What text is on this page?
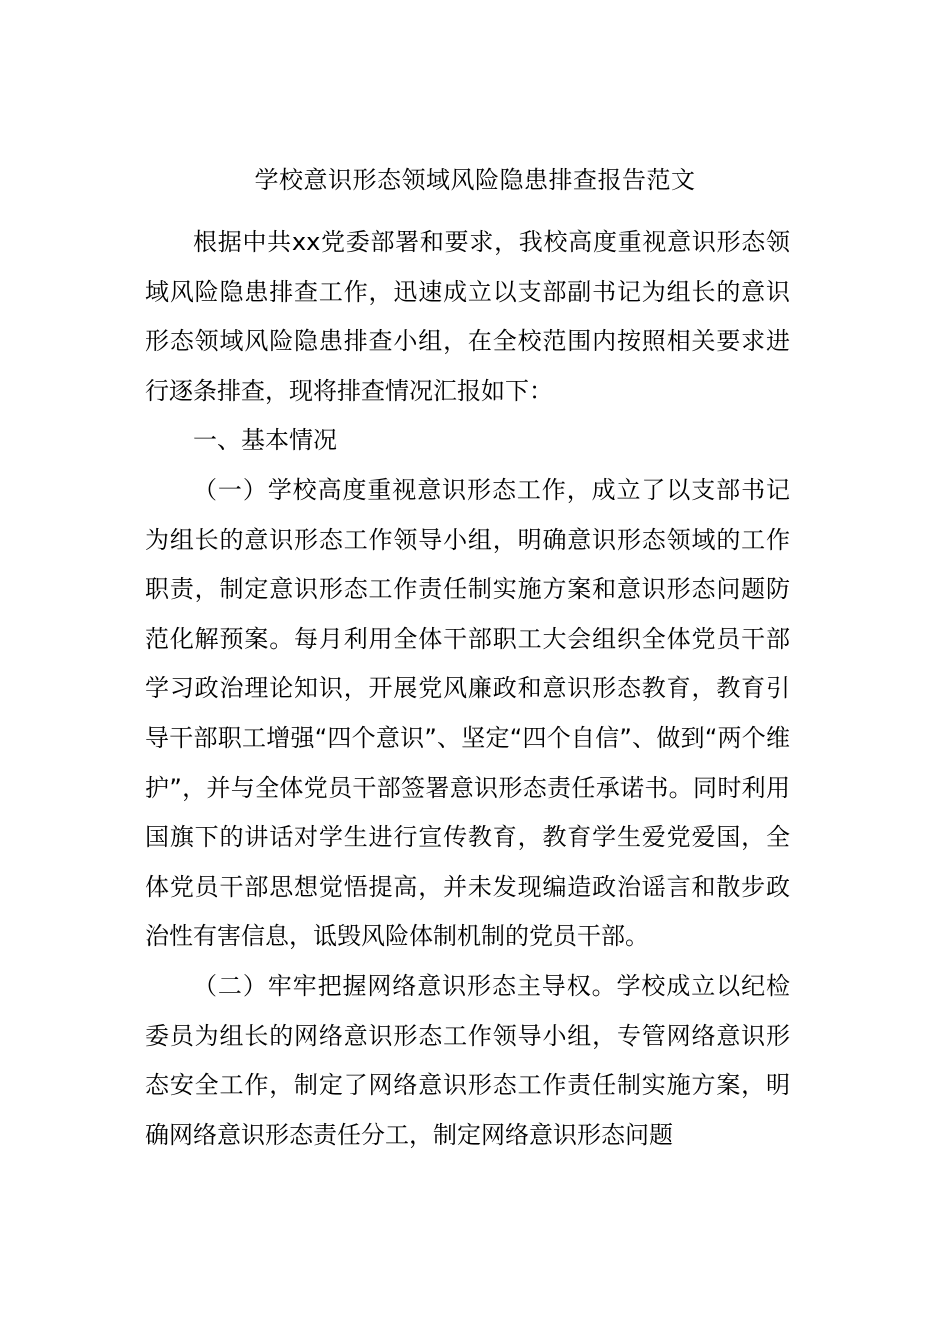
学校意识形态领域风险隐患排查报告范文

根据中共xx党委部署和要求，我校高度重视意识形态领域风险隐患排查工作，迅速成立以支部副书记为组长的意识形态领域风险隐患排查小组，在全校范围内按照相关要求进行逐条排查，现将排查情况汇报如下：

一、基本情况

（一）学校高度重视意识形态工作，成立了以支部书记为组长的意识形态工作领导小组，明确意识形态领域的工作职责，制定意识形态工作责任制实施方案和意识形态问题防范化解预案。每月利用全体干部职工大会组织全体党员干部学习政治理论知识，开展党风廉政和意识形态教育，教育引导干部职工增强“四个意识”、坚定“四个自信”、做到“两个维护”，并与全体党员干部签署意识形态责任承诺书。同时利用国旗下的讲话对学生进行宣传教育，教育学生爱党爱国，全体党员干部思想觉悟提高，并未发现编造政治谣言和散步政治性有害信息，诋毁风险体制机制的党员干部。

（二）牢牢把握网络意识形态主导权。学校成立以纪检委员为组长的网络意识形态工作领导小组，专管网络意识形态安全工作，制定了网络意识形态工作责任制实施方案，明确网络意识形态责任分工，制定网络意识形态问题
